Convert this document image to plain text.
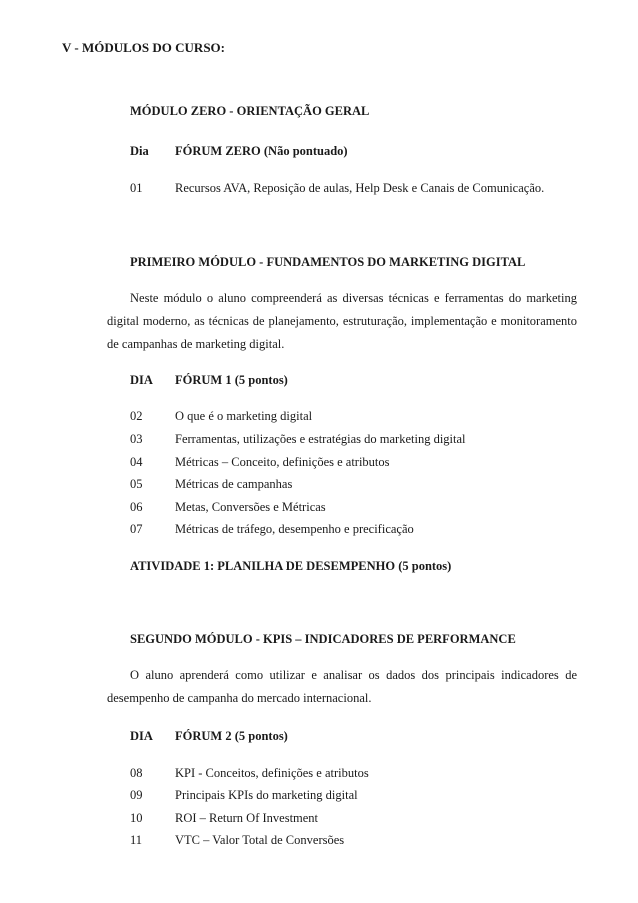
V - MÓDULOS DO CURSO:
MÓDULO ZERO - ORIENTAÇÃO GERAL
Dia FÓRUM ZERO (Não pontuado)
01	Recursos AVA, Reposição de aulas, Help Desk e Canais de Comunicação.
PRIMEIRO MÓDULO - FUNDAMENTOS DO MARKETING DIGITAL
Neste módulo o aluno compreenderá as diversas técnicas e ferramentas do marketing digital moderno, as técnicas de planejamento, estruturação, implementação e monitoramento de campanhas de marketing digital.
DIA FÓRUM 1 (5 pontos)
02	O que é o marketing digital
03	Ferramentas, utilizações e estratégias do marketing digital
04	Métricas – Conceito, definições e atributos
05	Métricas de campanhas
06	Metas, Conversões e Métricas
07	Métricas de tráfego, desempenho e precificação
ATIVIDADE 1: PLANILHA DE DESEMPENHO (5 pontos)
SEGUNDO MÓDULO - KPIS – INDICADORES DE PERFORMANCE
O aluno aprenderá como utilizar e analisar os dados dos principais indicadores de desempenho de campanha do mercado internacional.
DIA FÓRUM 2 (5 pontos)
08	KPI - Conceitos, definições e atributos
09	Principais KPIs do marketing digital
10	ROI – Return Of Investment
11	VTC – Valor Total de Conversões
